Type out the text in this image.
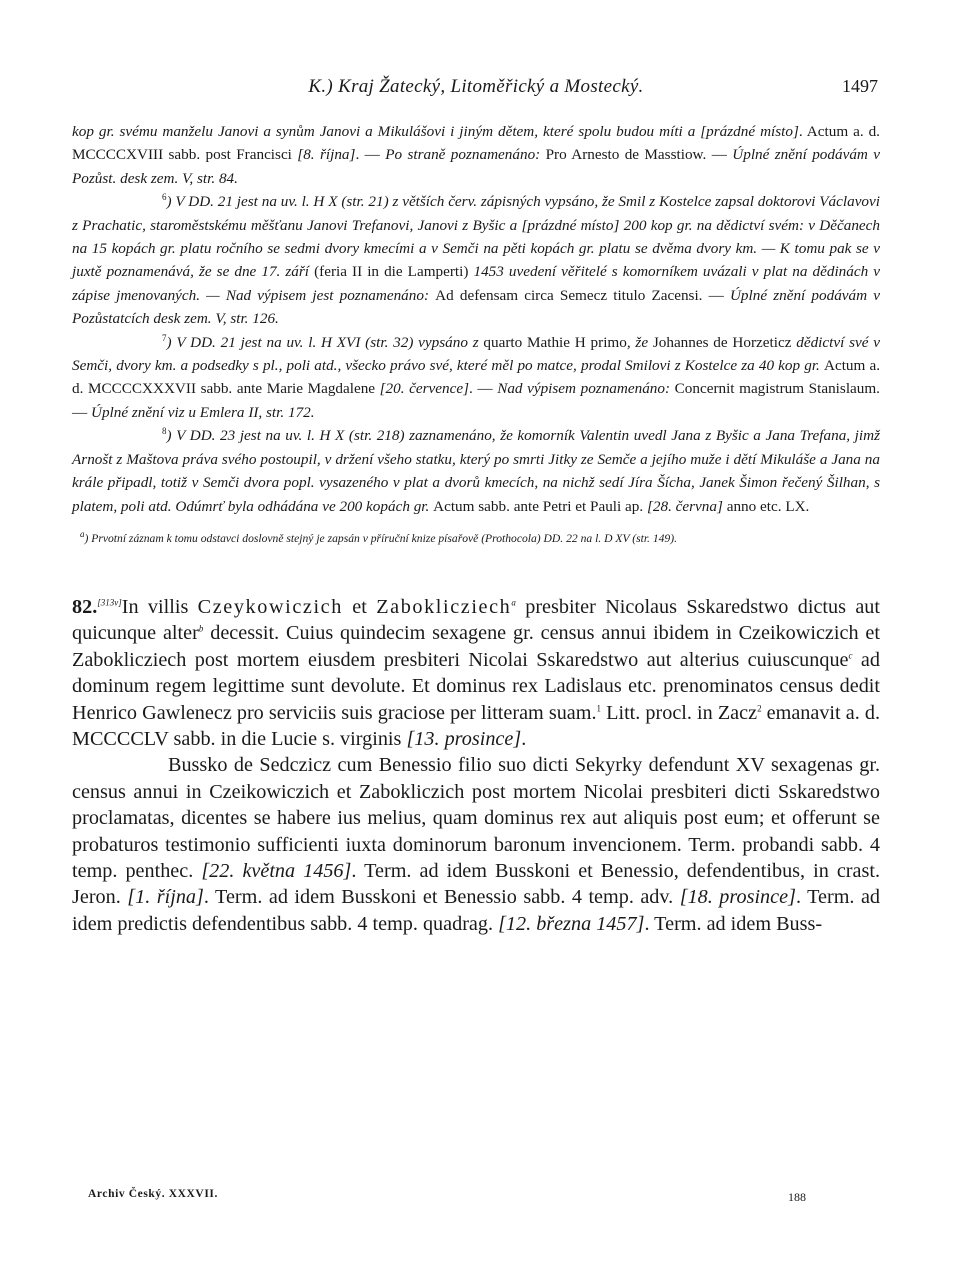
K.) Kraj Žatecký, Litoměřický a Mostecký.	1497

kop gr. svému manželu Janovi a synům Janovi a Mikulášovi i jiným dětem, které spolu budou míti a [prázdné místo]. Actum a. d. MCCCCXVIII sabb. post Francisci [8. října]. — Po straně poznamenáno: Pro Arnesto de Masstiow. — Úplné znění podávám v Pozůst. desk zem. V, str. 84.

$^6$) V DD. 21 jest na uv. l. H X (str. 21) z větších červ. zápisných vypsáno, že Smil z Kostelce zapsal doktorovi Václavovi z Prachatic, staroměstskému měšťanu Janovi Trefanovi, Janovi z Byšic a [prázdné místo] 200 kop gr. na dědictví svém: v Děčanech na 15 kopách gr. platu ročního se sedmi dvory kmecími a v Semči na pěti kopách gr. platu se dvěma dvory km. — K tomu pak se v juxtě poznamenává, že se dne 17. září (feria II in die Lamperti) 1453 uvedení věřitelé s komorníkem uvázali v plat na dědinách v zápise jmenovaných. — Nad výpisem jest poznamenáno: Ad defensam circa Semecz titulo Zacensi. — Úplné znění podávám v Pozůstatcích desk zem. V, str. 126.

$^7$) V DD. 21 jest na uv. l. H XVI (str. 32) vypsáno z quarto Mathie H primo, že Johannes de Horzeticz dědictví své v Semči, dvory km. a podsedky s pl., poli atd., všecko právo své, které měl po matce, prodal Smilovi z Kostelce za 40 kop gr. Actum a. d. MCCCCXXXVII sabb. ante Marie Magdalene [20. července]. — Nad výpisem poznamenáno: Concernit magistrum Stanislaum. — Úplné znění viz u Emlera II, str. 172.

$^8$) V DD. 23 jest na uv. l. H X (str. 218) zaznamenáno, že komorník Valentin uvedl Jana z Byšic a Jana Trefana, jimž Arnošt z Maštova práva svého postoupil, v držení všeho statku, který po smrti Jitky ze Semče a jejího muže i dětí Mikuláše a Jana na krále připadl, totiž v Semči dvora popl. vysazeného v plat a dvorů kmecích, na nichž sedí Jíra Šícha, Janek Šimon řečený Šilhan, s platem, poli atd. Odúmrť byla odhádána ve 200 kopách gr. Actum sabb. ante Petri et Pauli ap. [28. června] anno etc. LX.

$^a$) Prvotní záznam k tomu odstavci doslovně stejný je zapsán v příruční knize písařově (Prothocola) DD. 22 na l. D XV (str. 149).

82.[313v]In villis Czeykowiczich et Zaboklicziech$^a$ presbiter Nicolaus Sskaredstwo dictus aut quicunque alter$^b$ decessit. Cuius quindecim sexagene gr. census annui ibidem in Czeikowiczich et Zaboklicziech post mortem eiusdem presbiteri Nicolai Sskaredstwo aut alterius cuiuscunque$^c$ ad dominum regem legittime sunt devolute. Et dominus rex Ladislaus etc. prenominatos census dedit Henrico Gawlenecz pro serviciis suis graciose per litteram suam.$^1$ Litt. procl. in Zacz$^2$ emanavit a. d. MCCCCLV sabb. in die Lucie s. virginis [13. prosince].

Bussko de Sedczicz cum Benessio filio suo dicti Sekyrky defendunt XV sexagenas gr. census annui in Czeikowiczich et Zabokliczich post mortem Nicolai presbiteri dicti Sskaredstwo proclamatas, dicentes se habere ius melius, quam dominus rex aut aliquis post eum; et offerunt se probaturos testimonio sufficienti iuxta dominorum baronum invencionem. Term. probandi sabb. 4 temp. penthec. [22. května 1456]. Term. ad idem Busskoni et Benessio, defendentibus, in crast. Jeron. [1. října]. Term. ad idem Busskoni et Benessio sabb. 4 temp. adv. [18. prosince]. Term. ad idem predictis defendentibus sabb. 4 temp. quadrag. [12. března 1457]. Term. ad idem Buss-

Archiv Český. XXXVII.	188
